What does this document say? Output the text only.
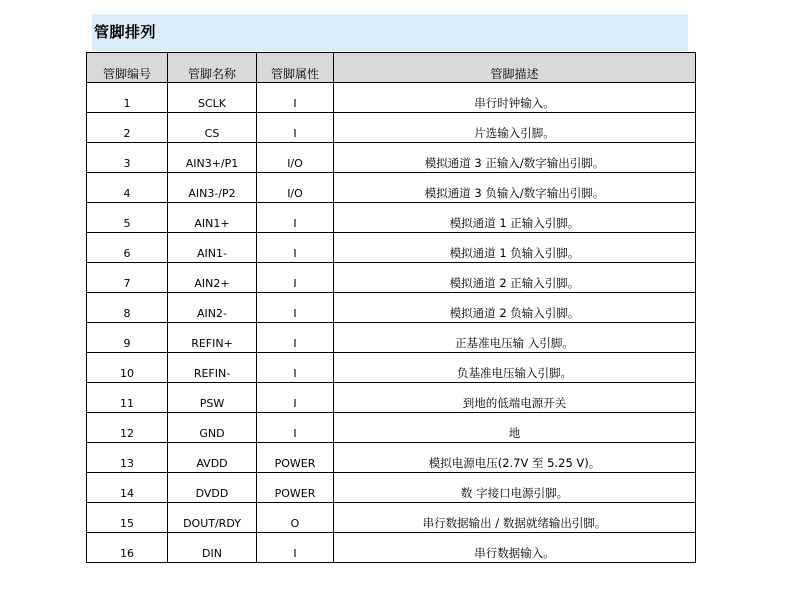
管脚排列
管脚编号	管脚名称	管脚属性	管脚描述
1	SCLK	I	串行时钟输入。
2	CS	I	片选输入引脚。
3	AIN3+/P1	I/O	模拟通道 3 正输入/数字输出引脚。
4	AIN3-/P2	I/O	模拟通道 3 负输入/数字输出引脚。
5	AIN1+	I	模拟通道 1 正输入引脚。
6	AIN1-	I	模拟通道 1 负输入引脚。
7	AIN2+	I	模拟通道 2 正输入引脚。
8	AIN2-	I	模拟通道 2 负输入引脚。
9	REFIN+	I	正基准电压输 入引脚。
10	REFIN-	I	负基准电压输入引脚。
11	PSW	I	到地的低端电源开关
12	GND	I	地
13	AVDD	POWER	模拟电源电压(2.7V 至 5.25 V)。
14	DVDD	POWER	数 字接口电源引脚。
15	DOUT/RDY	O	串行数据输出 / 数据就绪输出引脚。
16	DIN	I	串行数据输入。
